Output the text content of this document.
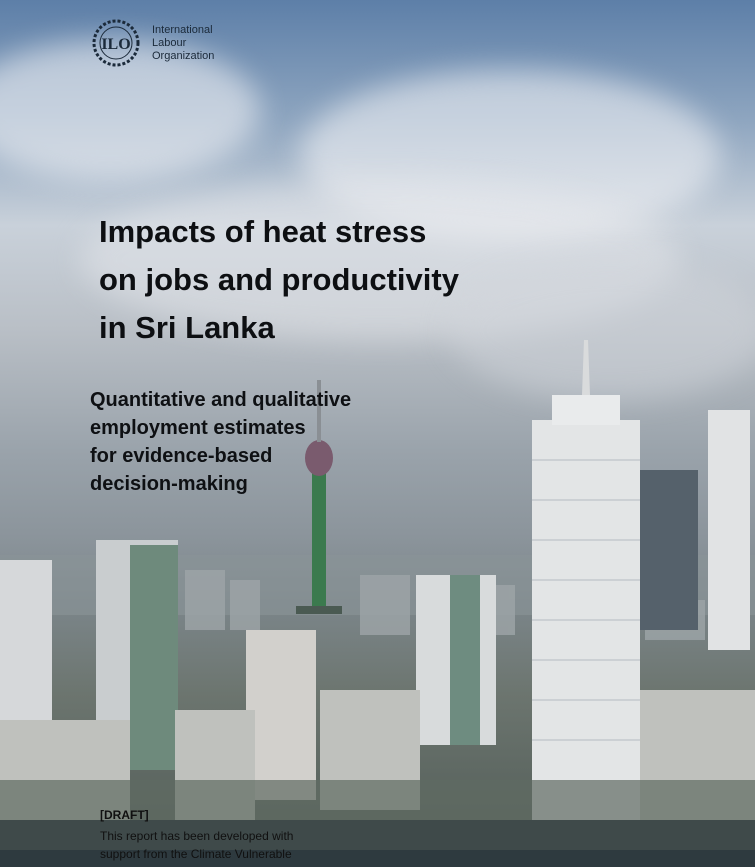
ILO
International
Labour
Organization
Impacts of heat stress
on jobs and productivity
in Sri Lanka
Quantitative and qualitative
employment estimates
for evidence-based
decision-making
[DRAFT]
This report has been developed with
support from the Climate Vulnerable
